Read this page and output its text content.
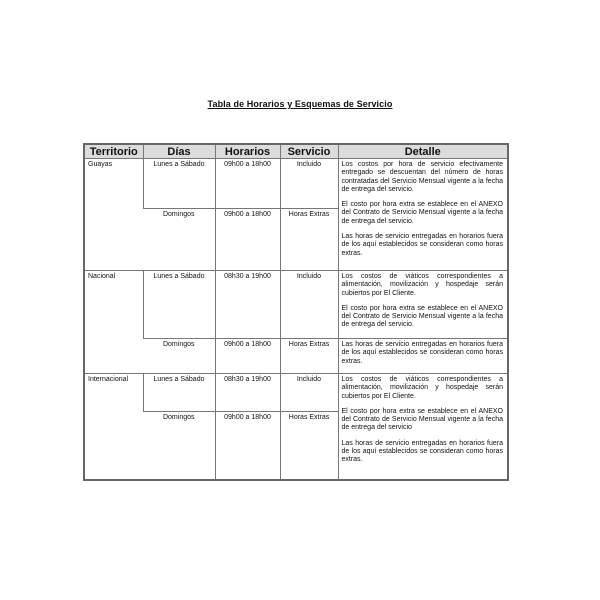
Tabla de Horarios y Esquemas de Servicio
Territorio	Días	Horarios	Servicio	Detalle
Guayas	Lunes a Sábado	09h00 a 18h00	Incluido	Los costos por hora de servicio efectivamente entregado se descuentan del número de horas contratadas del Servicio Mensual vigente a la fecha de entrega del servicio.

El costo por hora extra se establece en el ANEXO del Contrato de Servicio Mensual vigente a la fecha de entrega del servicio.

Las horas de servicio entregadas en horarios fuera de los aquí establecidos se consideran como horas extras.

	Domingos	09h00 a 18h00	Horas Extras	
Nacional	Lunes a Sábado	08h30 a 19h00	Incluido	Los costos de viáticos correspondientes a alimentación, movilización y hospedaje serán cubiertos por El Cliente.

El costo por hora extra se establece en el ANEXO del Contrato de Servicio Mensual vigente a la fecha de entrega del servicio.

	Domingos	09h00 a 18h00	Horas Extras	Las horas de servicio entregadas en horarios fuera de los aquí establecidos se consideran como horas extras.

Internacional	Lunes a Sábado	08h30 a 19h00	Incluido	Los costos de viáticos correspondientes a alimentación, movilización y hospedaje serán cubiertos por El Cliente.

El costo por hora extra se establece en el ANEXO del Contrato de Servicio Mensual vigente a la fecha de entrega del servicio

Las horas de servicio entregadas en horarios fuera de los aquí establecidos se consideran como horas extras.

	Domingos	09h00 a 18h00	Horas Extras	
